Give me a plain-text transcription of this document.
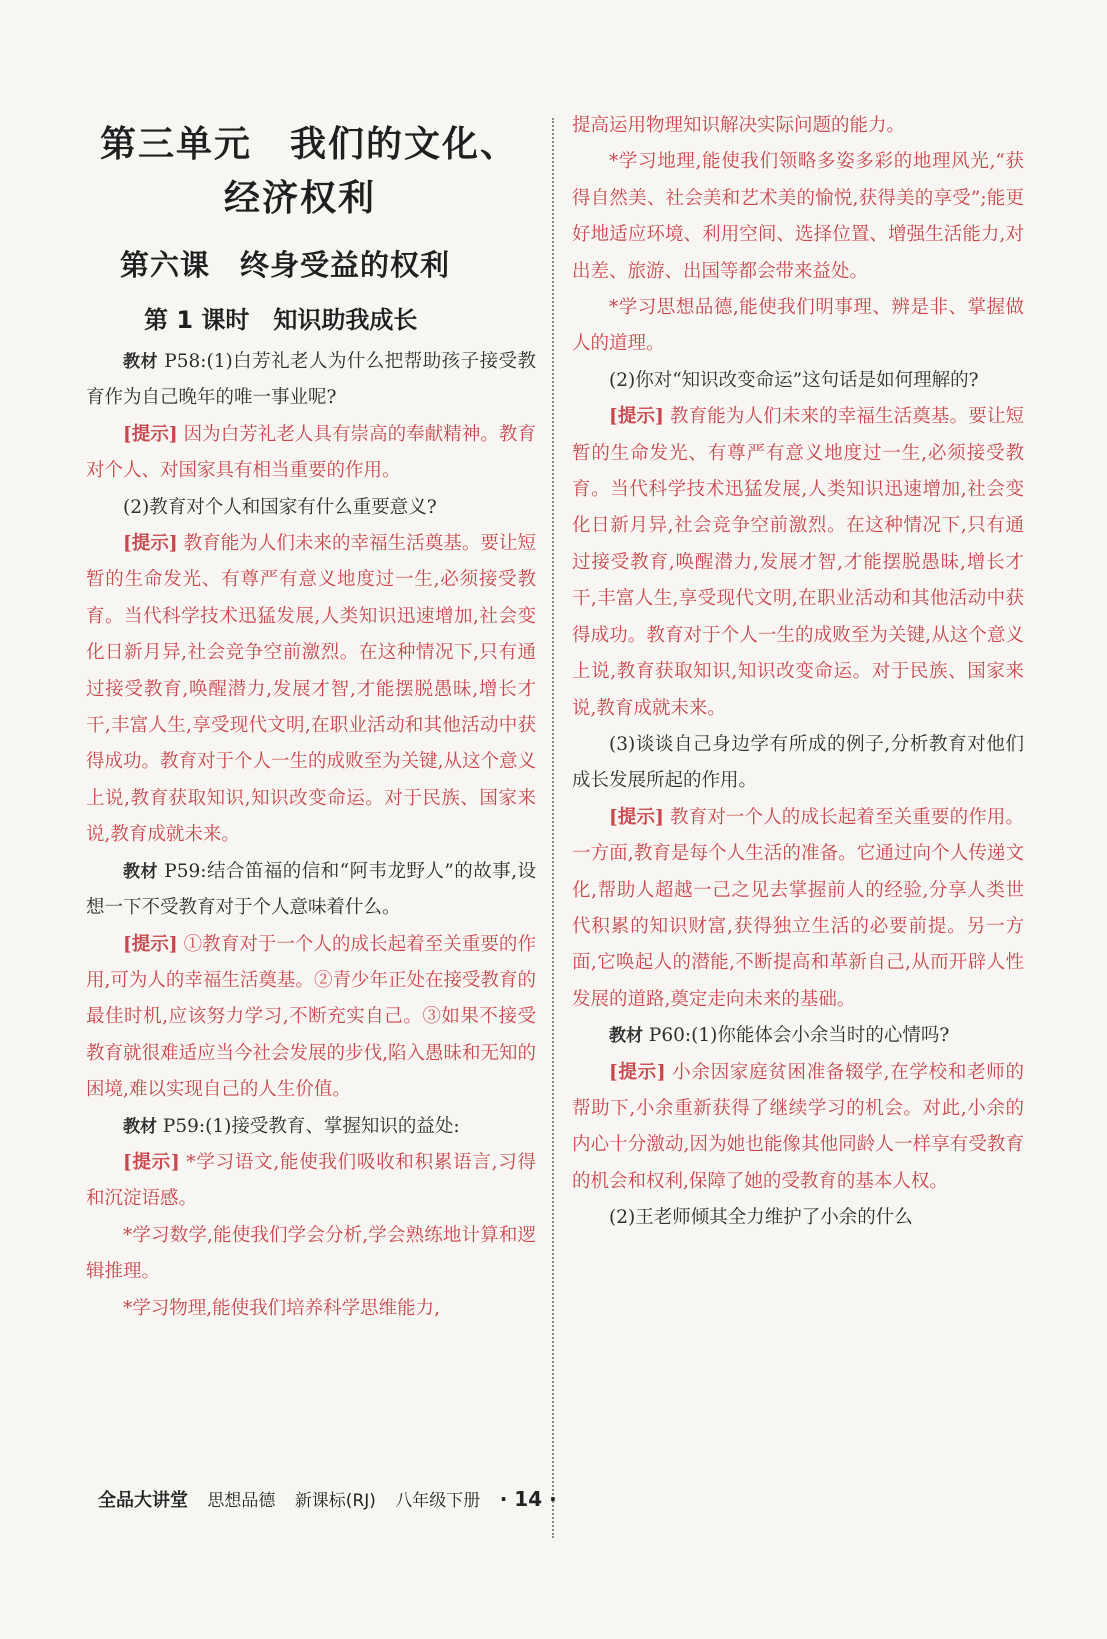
第三单元　我们的文化、
经济权利
第六课　终身受益的权利
第 1 课时　知识助我成长

教材 P58:(1)白芳礼老人为什么把帮助孩子接受教育作为自己晚年的唯一事业呢?

[提示] 因为白芳礼老人具有崇高的奉献精神。教育对个人、对国家具有相当重要的作用。

(2)教育对个人和国家有什么重要意义?

[提示] 教育能为人们未来的幸福生活奠基。要让短暂的生命发光、有尊严有意义地度过一生,必须接受教育。当代科学技术迅猛发展,人类知识迅速增加,社会变化日新月异,社会竞争空前激烈。在这种情况下,只有通过接受教育,唤醒潜力,发展才智,才能摆脱愚昧,增长才干,丰富人生,享受现代文明,在职业活动和其他活动中获得成功。教育对于个人一生的成败至为关键,从这个意义上说,教育获取知识,知识改变命运。对于民族、国家来说,教育成就未来。

教材 P59:结合笛福的信和“阿韦龙野人”的故事,设想一下不受教育对于个人意味着什么。

[提示] ①教育对于一个人的成长起着至关重要的作用,可为人的幸福生活奠基。②青少年正处在接受教育的最佳时机,应该努力学习,不断充实自己。③如果不接受教育就很难适应当今社会发展的步伐,陷入愚昧和无知的困境,难以实现自己的人生价值。

教材 P59:(1)接受教育、掌握知识的益处:

[提示] *学习语文,能使我们吸收和积累语言,习得和沉淀语感。

*学习数学,能使我们学会分析,学会熟练地计算和逻辑推理。

*学习物理,能使我们培养科学思维能力,

提高运用物理知识解决实际问题的能力。

*学习地理,能使我们领略多姿多彩的地理风光,“获得自然美、社会美和艺术美的愉悦,获得美的享受”;能更好地适应环境、利用空间、选择位置、增强生活能力,对出差、旅游、出国等都会带来益处。

*学习思想品德,能使我们明事理、辨是非、掌握做人的道理。

(2)你对“知识改变命运”这句话是如何理解的?

[提示] 教育能为人们未来的幸福生活奠基。要让短暂的生命发光、有尊严有意义地度过一生,必须接受教育。当代科学技术迅猛发展,人类知识迅速增加,社会变化日新月异,社会竞争空前激烈。在这种情况下,只有通过接受教育,唤醒潜力,发展才智,才能摆脱愚昧,增长才干,丰富人生,享受现代文明,在职业活动和其他活动中获得成功。教育对于个人一生的成败至为关键,从这个意义上说,教育获取知识,知识改变命运。对于民族、国家来说,教育成就未来。

(3)谈谈自己身边学有所成的例子,分析教育对他们成长发展所起的作用。

[提示] 教育对一个人的成长起着至关重要的作用。一方面,教育是每个人生活的准备。它通过向个人传递文化,帮助人超越一己之见去掌握前人的经验,分享人类世代积累的知识财富,获得独立生活的必要前提。另一方面,它唤起人的潜能,不断提高和革新自己,从而开辟人性发展的道路,奠定走向未来的基础。

教材 P60:(1)你能体会小余当时的心情吗?

[提示] 小余因家庭贫困准备辍学,在学校和老师的帮助下,小余重新获得了继续学习的机会。对此,小余的内心十分激动,因为她也能像其他同龄人一样享有受教育的机会和权利,保障了她的受教育的基本人权。

(2)王老师倾其全力维护了小余的什么

全品大讲堂 思想品德 新课标(RJ) 八年级下册 · 14 ·
